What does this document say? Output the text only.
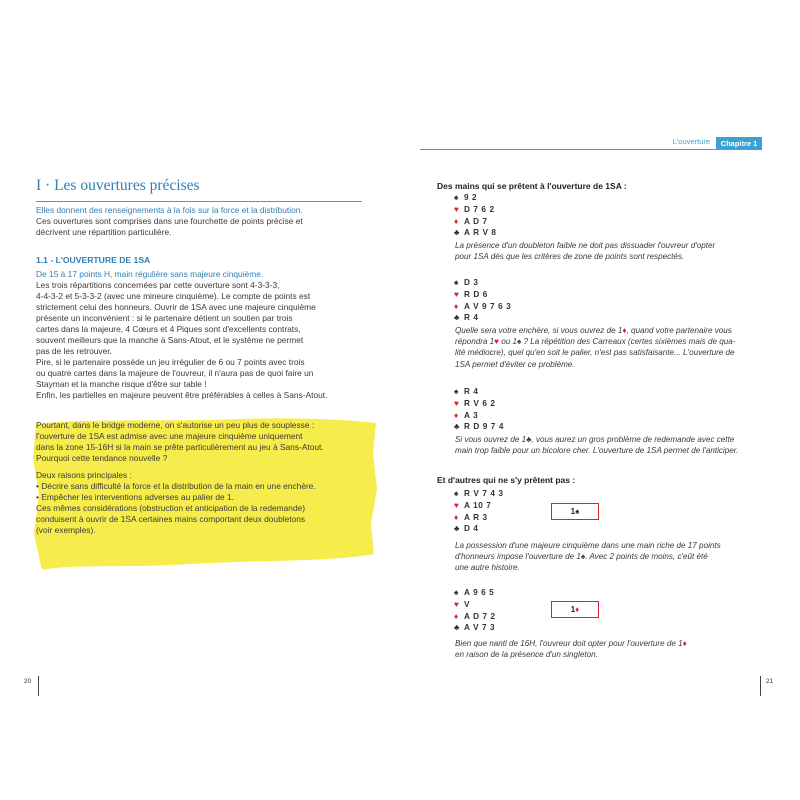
L'ouverture	Chapitre 1
I · Les ouvertures précises
Elles donnent des renseignements à la fois sur la force et la distribution.
Ces ouvertures sont comprises dans une fourchette de points précise et
décrivent une répartition particulière.
1.1 - L'OUVERTURE DE 1SA
De 15 à 17 points H, main régulière sans majeure cinquième.
Les trois répartitions concernées par cette ouverture sont 4-3-3-3,
4-4-3-2 et 5-3-3-2 (avec une mineure cinquième). Le compte de points est
strictement celui des honneurs. Ouvrir de 1SA avec une majeure cinquième
présente un inconvénient : si le partenaire détient un soutien par trois
cartes dans la majeure, 4 Cœurs et 4 Piques sont d'excellents contrats,
souvent meilleurs que la manche à Sans-Atout, et le système ne permet
pas de les retrouver.
Pire, si le partenaire possède un jeu irrégulier de 6 ou 7 points avec trois
ou quatre cartes dans la majeure de l'ouvreur, il n'aura pas de quoi faire un
Stayman et la manche risque d'être sur table !
Enfin, les partielles en majeure peuvent être préférables à celles à Sans-Atout.
Pourtant, dans le bridge moderne, on s'autorise un peu plus de souplesse :
l'ouverture de 1SA est admise avec une majeure cinquième uniquement
dans la zone 15-16H si la main se prête particulièrement au jeu à Sans-Atout.
Pourquoi cette tendance nouvelle ?
Deux raisons principales :
• Décrire sans difficulté la force et la distribution de la main en une enchère.
• Empêcher les interventions adverses au palier de 1.
Ces mêmes considérations (obstruction et anticipation de la redemande)
conduisent à ouvrir de 1SA certaines mains comportant deux doubletons
(voir exemples).
20
Des mains qui se prêtent à l'ouverture de 1SA :
♠ 9 2
♥ D 7 6 2
♦ A D 7
♣ A R V 8
La présence d'un doubleton faible ne doit pas dissuader l'ouvreur d'opter
pour 1SA dès que les critères de zone de points sont respectés.
♠ D 3
♥ R D 6
♦ A V 9 7 6 3
♣ R 4
Quelle sera votre enchère, si vous ouvrez de 1♦, quand votre partenaire vous
répondra 1♥ ou 1♠ ? La répétition des Carreaux (certes sixièmes mais de qua-
lité médiocre), quel qu'en soit le palier, n'est pas satisfaisante... L'ouverture de
1SA permet d'éviter ce problème.
♠ R 4
♥ R V 6 2
♦ A 3
♣ R D 9 7 4
Si vous ouvrez de 1♣, vous aurez un gros problème de redemande avec cette
main trop faible pour un bicolore cher. L'ouverture de 1SA permet de l'anticiper.
Et d'autres qui ne s'y prêtent pas :
♠ R V 7 4 3
♥ A 10 7
♦ A R 3
♣ D 4
1♠
La possession d'une majeure cinquième dans une main riche de 17 points
d'honneurs impose l'ouverture de 1♠. Avec 2 points de moins, c'eût été
une autre histoire.
♠ A 9 6 5
♥ V
♦ A D 7 2
♣ A V 7 3
1♦
Bien que nanti de 16H, l'ouvreur doit opter pour l'ouverture de 1♦
en raison de la présence d'un singleton.
21
